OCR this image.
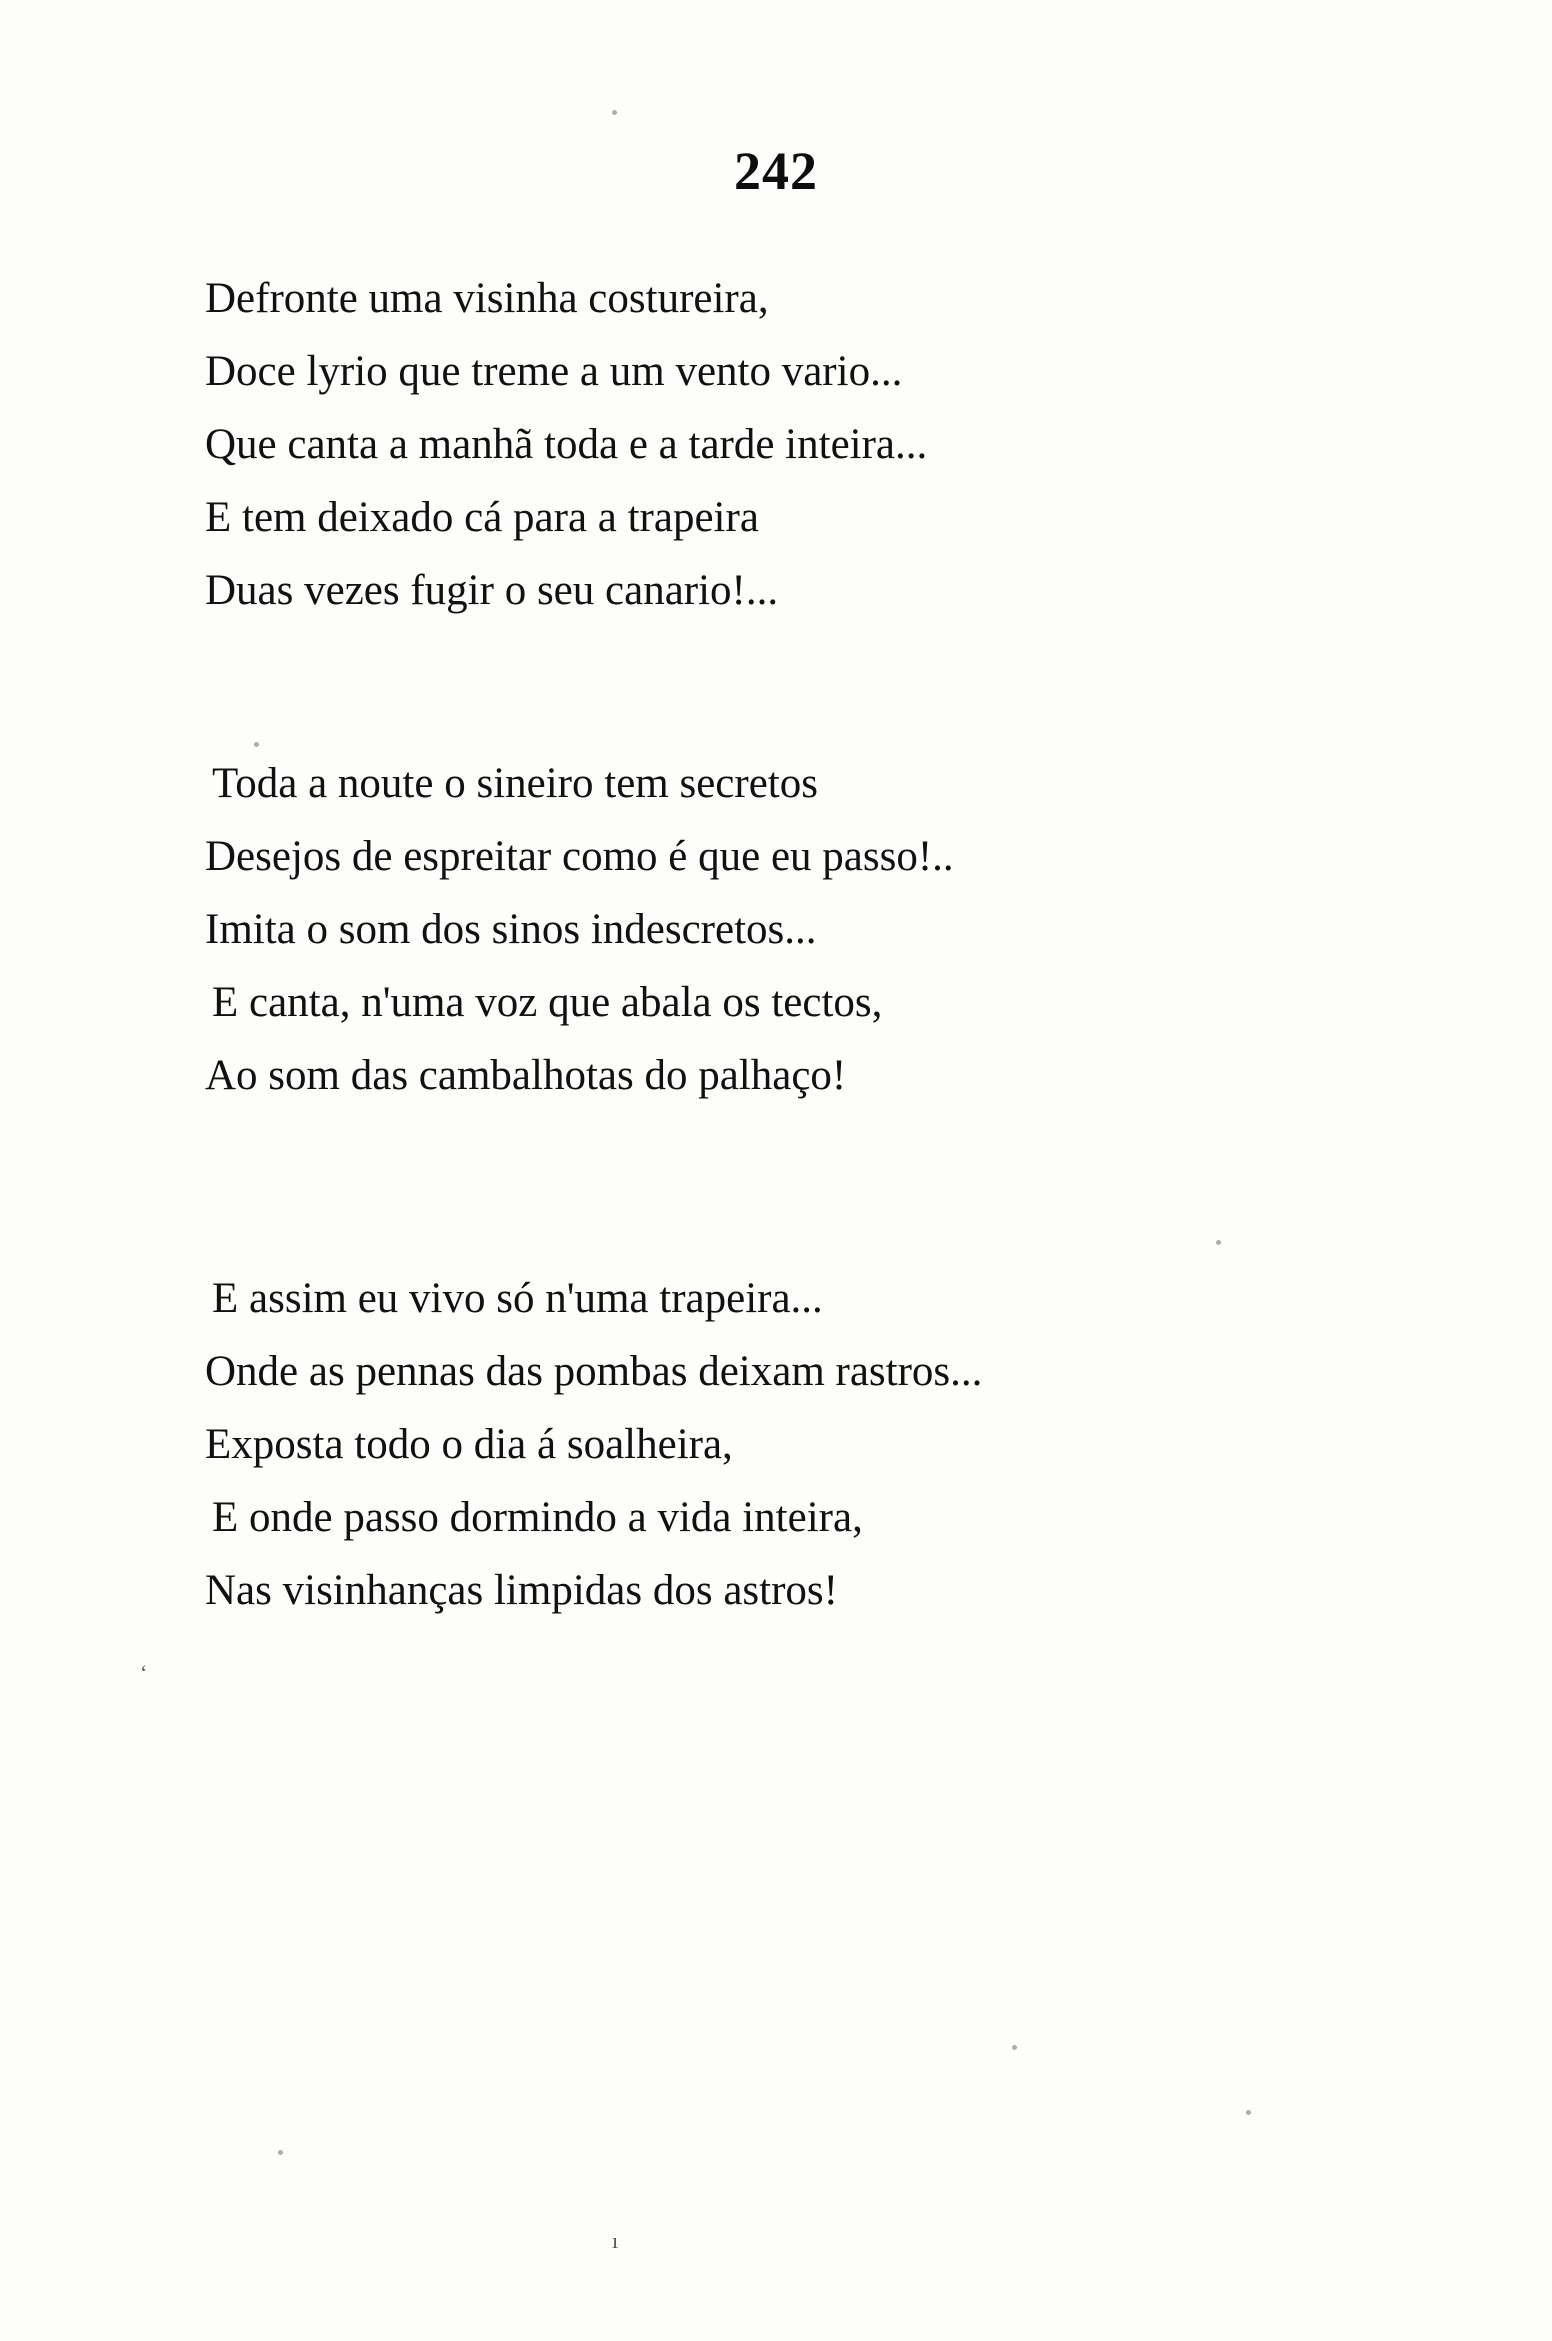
242
Defronte uma visinha costureira,
Doce lyrio que treme a um vento vario...
Que canta a manhã toda e a tarde inteira...
E tem deixado cá para a trapeira
Duas vezes fugir o seu canario!...
Toda a noute o sineiro tem secretos
Desejos de espreitar como é que eu passo!..
Imita o som dos sinos indescretos...
E canta, n'uma voz que abala os tectos,
Ao som das cambalhotas do palhaço!
E assim eu vivo só n'uma trapeira...
Onde as pennas das pombas deixam rastros...
Exposta todo o dia á soalheira,
E onde passo dormindo a vida inteira,
Nas visinhanças limpidas dos astros!
‘
ı
